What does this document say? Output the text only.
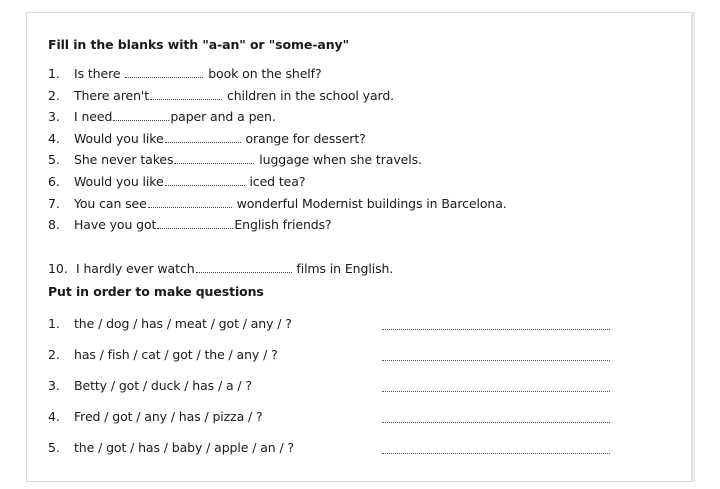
Fill in the blanks with "a-an" or "some-any"
1. Is there	book on the shelf?
2. There aren't	children in the school yard.
3. I need	paper and a pen.
4. Would you like	orange for dessert?
5. She never takes	luggage when she travels.
6. Would you like	iced tea?
7. You can see	wonderful Modernist buildings in Barcelona.
8. Have you got	English friends?
10. I hardly ever watch	films in English.
Put in order to make questions
1. the / dog / has / meat / got / any / ?
2. has / fish / cat / got / the / any / ?
3. Betty / got / duck / has / a / ?
4. Fred / got / any / has / pizza / ?
5. the / got / has / baby / apple / an / ?
